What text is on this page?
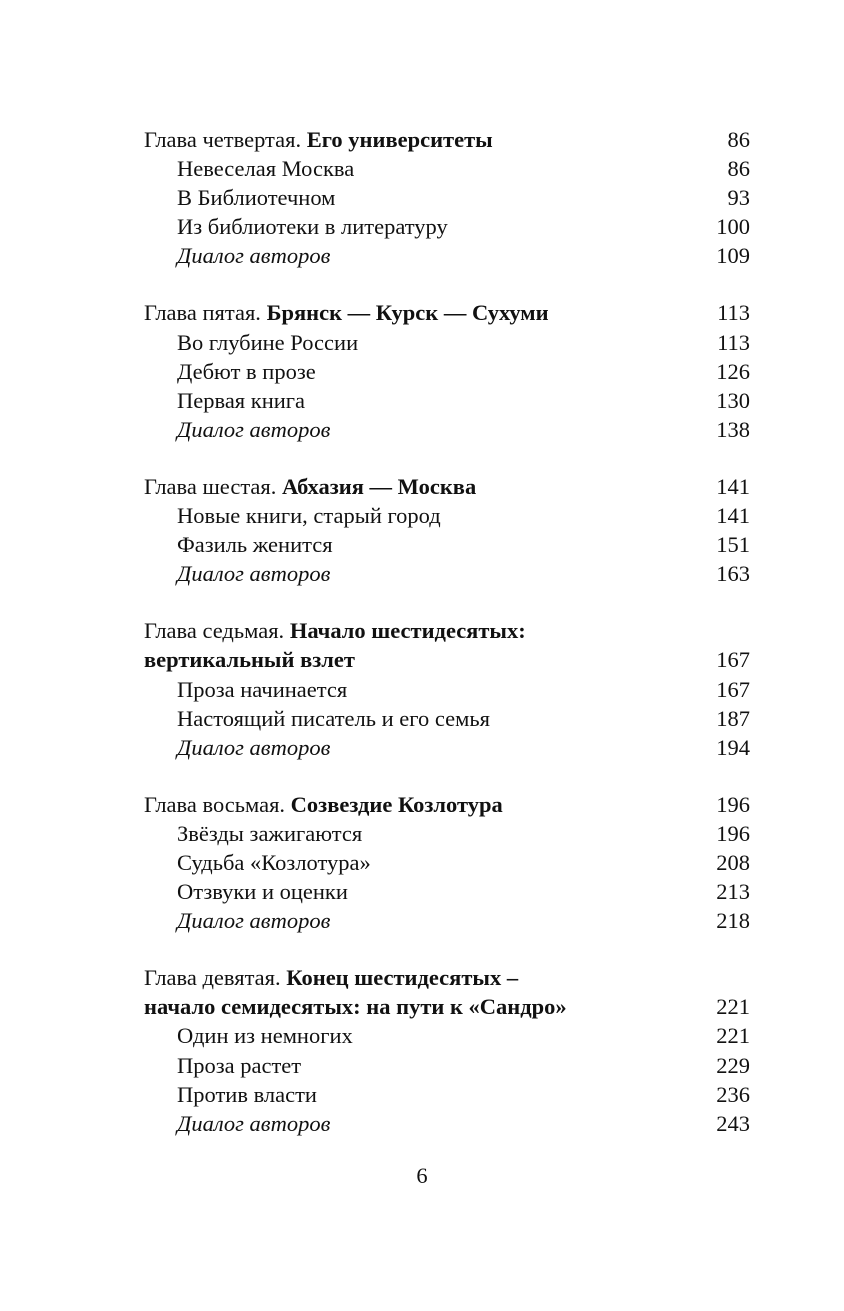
Глава четвертая. Его университеты	86
Невеселая Москва	86
В Библиотечном	93
Из библиотеки в литературу	100
Диалог авторов	109
Глава пятая. Брянск — Курск — Сухуми	113
Во глубине России	113
Дебют в прозе	126
Первая книга	130
Диалог авторов	138
Глава шестая. Абхазия — Москва	141
Новые книги, старый город	141
Фазиль женится	151
Диалог авторов	163
Глава седьмая. Начало шестидесятых:
вертикальный взлет	167
Проза начинается	167
Настоящий писатель и его семья	187
Диалог авторов	194
Глава восьмая. Созвездие Козлотура	196
Звёзды зажигаются	196
Судьба «Козлотура»	208
Отзвуки и оценки	213
Диалог авторов	218
Глава девятая. Конец шестидесятых –
начало семидесятых: на пути к «Сандро»	221
Один из немногих	221
Проза растет	229
Против власти	236
Диалог авторов	243
6
